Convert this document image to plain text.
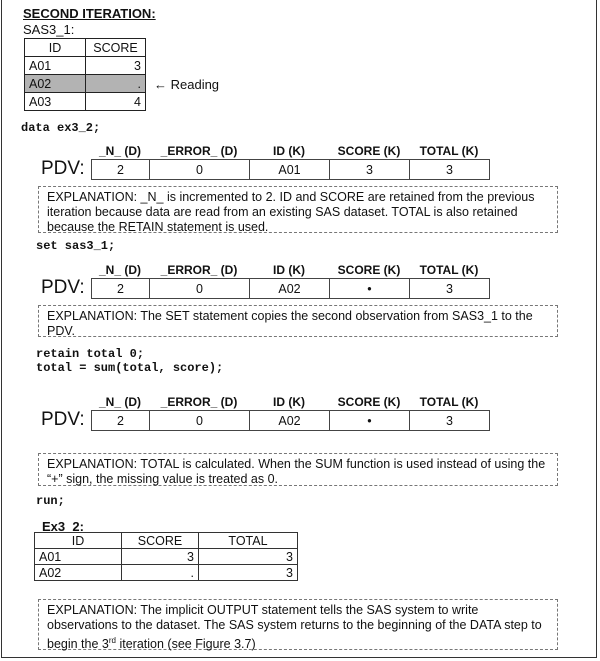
SECOND ITERATION:
SAS3_1:
ID	SCORE
A01	3
A02	.
A03	4
← Reading
data ex3_2;
_N_ (D)	_ERROR_ (D)	ID (K)	SCORE (K)	TOTAL (K)
PDV:	2	0	A01	3	3
EXPLANATION: _N_ is incremented to 2. ID and SCORE are retained from the previous iteration because data are read from an existing SAS dataset. TOTAL is also retained because the RETAIN statement is used.
set sas3_1;
_N_ (D)	_ERROR_ (D)	ID (K)	SCORE (K)	TOTAL (K)
PDV:	2	0	A02	•	3
EXPLANATION: The SET statement copies the second observation from SAS3_1 to the PDV.
retain total 0;
total = sum(total, score);
_N_ (D)	_ERROR_ (D)	ID (K)	SCORE (K)	TOTAL (K)
PDV:	2	0	A02	•	3
EXPLANATION: TOTAL is calculated. When the SUM function is used instead of using the “+” sign, the missing value is treated as 0.
run;
Ex3_2:
ID	SCORE	TOTAL
A01	3	3
A02	.	3
EXPLANATION: The implicit OUTPUT statement tells the SAS system to write observations to the dataset. The SAS system returns to the beginning of the DATA step to begin the 3rd iteration (see Figure 3.7)
